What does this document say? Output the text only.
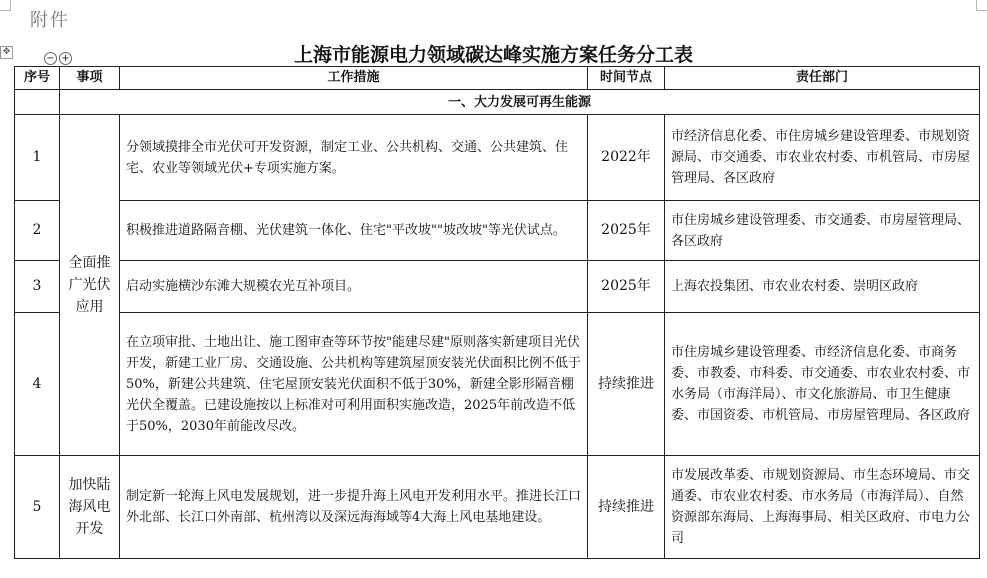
附件
✥
− +	上海市能源电力领域碳达峰实施方案任务分工表
序号	事项	工作措施	时间节点	责任部门
	一、大力发展可再生能源			
1	全面推广光伏应用	分领域摸排全市光伏可开发资源，制定工业、公共机构、交通、公共建筑、住宅、农业等领域光伏+专项实施方案。	2022年	市经济信息化委、市住房城乡建设管理委、市规划资源局、市交通委、市农业农村委、市机管局、市房屋管理局、各区政府
2		积极推进道路隔音棚、光伏建筑一体化、住宅"平改坡""坡改坡"等光伏试点。	2025年	市住房城乡建设管理委、市交通委、市房屋管理局、各区政府
3		启动实施横沙东滩大规模农光互补项目。	2025年	上海农投集团、市农业农村委、崇明区政府
4		在立项审批、土地出让、施工图审查等环节按"能建尽建"原则落实新建项目光伏开发，新建工业厂房、交通设施、公共机构等建筑屋顶安装光伏面积比例不低于50%，新建公共建筑、住宅屋顶安装光伏面积不低于30%，新建全影形隔音棚光伏全覆盖。已建设施按以上标准对可利用面积实施改造，2025年前改造不低于50%，2030年前能改尽改。	持续推进	市住房城乡建设管理委、市经济信息化委、市商务委、市教委、市科委、市交通委、市农业农村委、市水务局（市海洋局）、市文化旅游局、市卫生健康委、市国资委、市机管局、市房屋管理局、各区政府
5	加快陆海风电开发	制定新一轮海上风电发展规划，进一步提升海上风电开发利用水平。推进长江口外北部、长江口外南部、杭州湾以及深远海海域等4大海上风电基地建设。	持续推进	市发展改革委、市规划资源局、市生态环境局、市交通委、市农业农村委、市水务局（市海洋局）、自然资源部东海局、上海海事局、相关区政府、市电力公司
